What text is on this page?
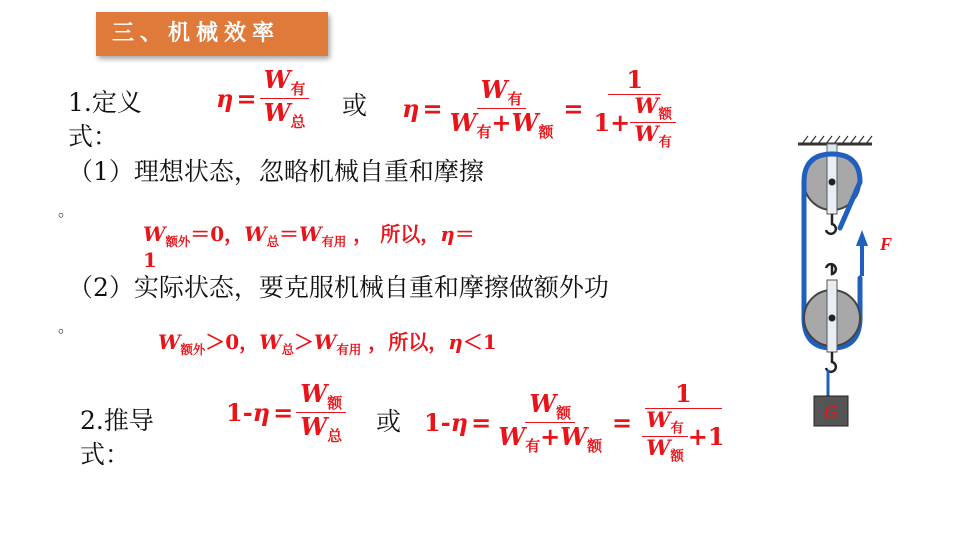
三、机械效率
1.定义式：
$\eta = \frac{W_有}{W_总}$ 或 $\eta = \frac{W_有}{W_有+W_额} = \frac{1}{1 + \frac{W_额}{W_有}}$
（1）理想状态，忽略机械自重和摩擦
。
$W_{额外}=0$，$W_总=W_{有用}$ ， 所以，η＝
1
（2）实际状态，要克服机械自重和摩擦做额外功
。
$W_{额外}>0$，$W_总>W_{有用}$ ，所以，η＜1
2.推导式：
1- $\eta = \frac{W_额}{W_总}$ 或 1- $\eta = \frac{W_额}{W_有+W_额} = \frac{1}{\frac{W_有}{W_额} + 1}$
F
G
